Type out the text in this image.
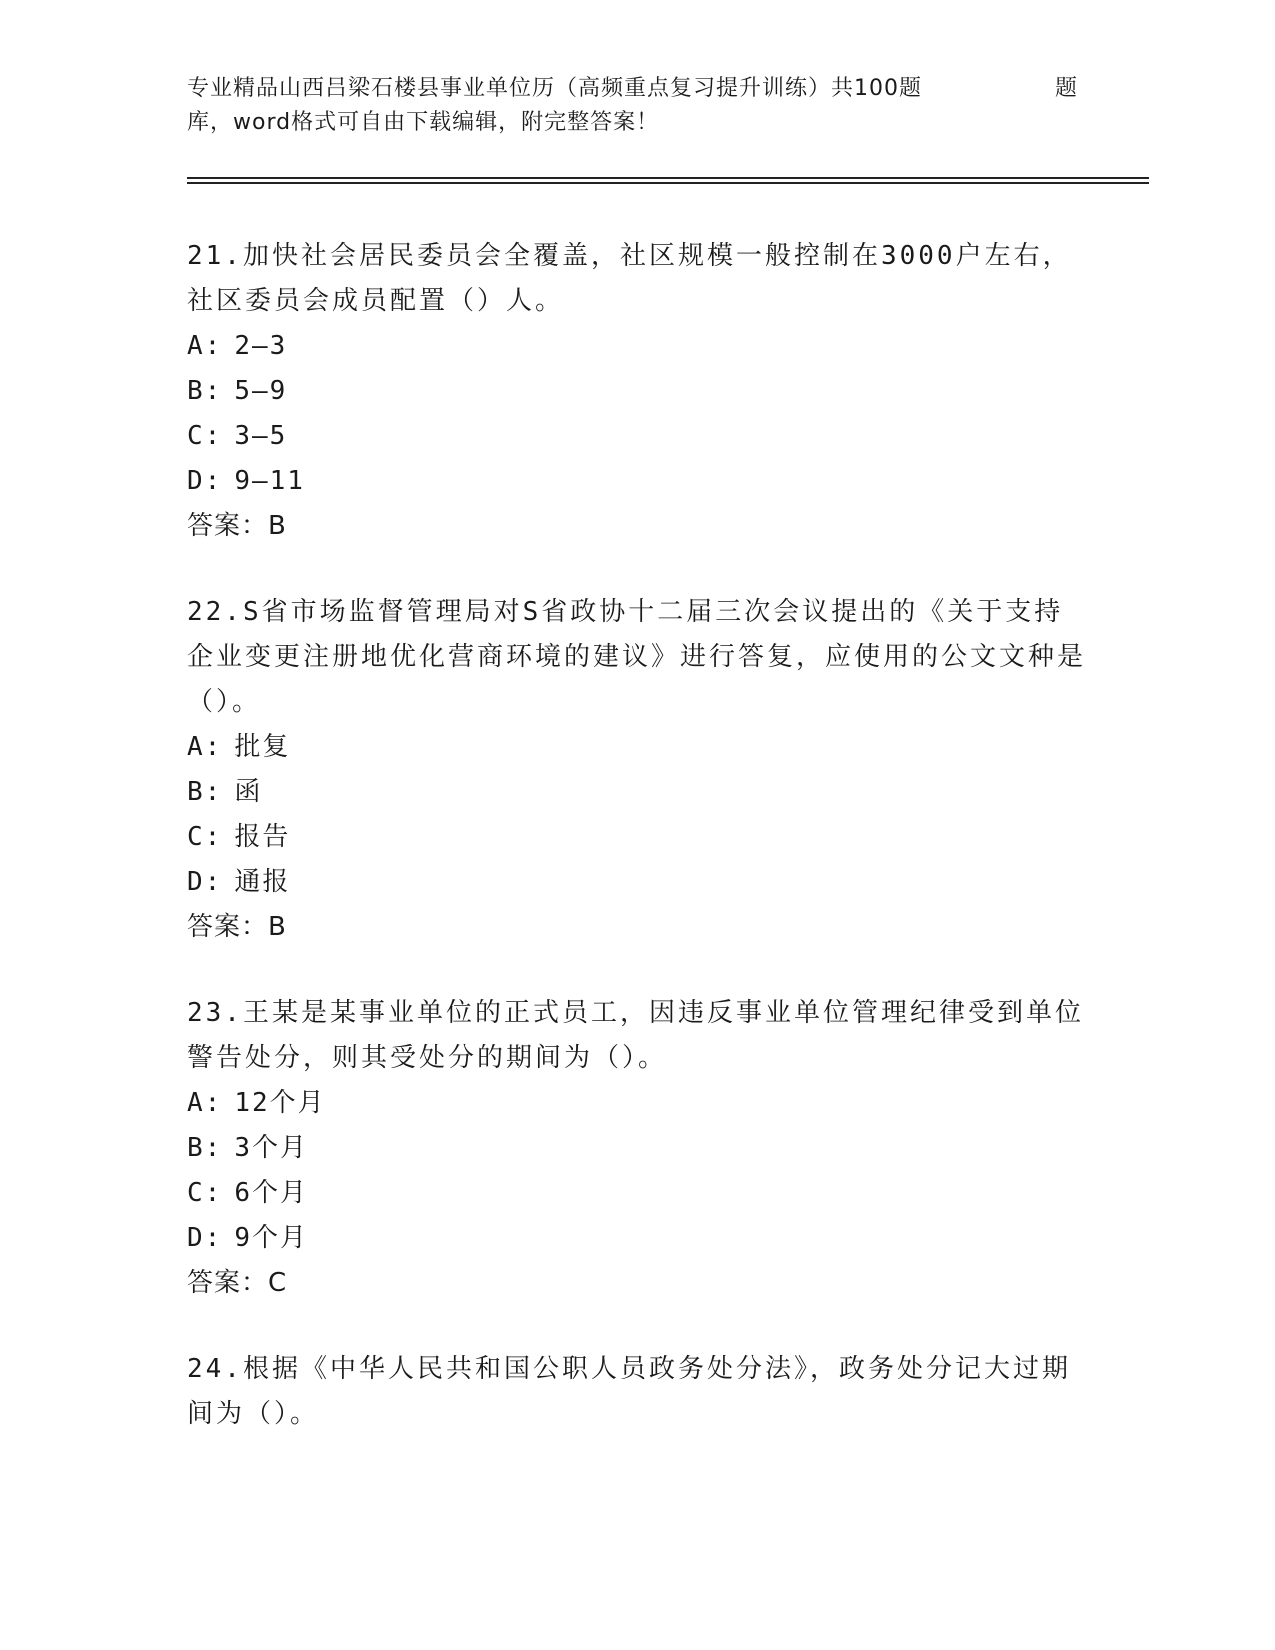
专业精品山西吕梁石楼县事业单位历（高频重点复习提升训练）共100题	题
库，word格式可自由下载编辑，附完整答案！

21.加快社会居民委员会全覆盖，社区规模一般控制在3000户左右，社区委员会成员配置（）人。

A: 2—3

B: 5—9

C: 3—5

D: 9—11

答案：B

22.S省市场监督管理局对S省政协十二届三次会议提出的《关于支持企业变更注册地优化营商环境的建议》进行答复，应使用的公文文种是（）。

A: 批复

B: 函

C: 报告

D: 通报

答案：B

23.王某是某事业单位的正式员工，因违反事业单位管理纪律受到单位警告处分，则其受处分的期间为（）。

A: 12个月

B: 3个月

C: 6个月

D: 9个月

答案：C

24.根据《中华人民共和国公职人员政务处分法》，政务处分记大过期间为（）。
